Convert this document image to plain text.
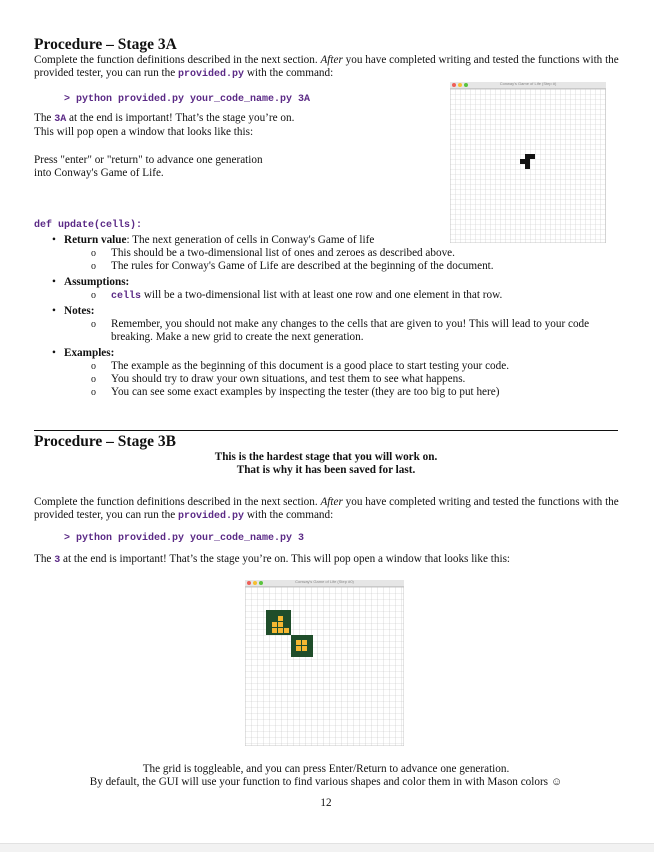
Procedure – Stage 3A
Complete the function definitions described in the next section. After you have completed writing and tested the functions with the provided tester, you can run the provided.py with the command:
> python provided.py your_code_name.py 3A
The 3A at the end is important! That’s the stage you’re on.
This will pop open a window that looks like this:
Press "enter" or "return" to advance one generation
into Conway's Game of Life.
Conway's Game of Life (Step #)
def update(cells):
• Return value: The next generation of cells in Conway's Game of life
o This should be a two-dimensional list of ones and zeroes as described above.
o The rules for Conway's Game of Life are described at the beginning of the document.
• Assumptions:
o cells will be a two-dimensional list with at least one row and one element in that row.
• Notes:
o Remember, you should not make any changes to the cells that are given to you! This will lead to your code breaking. Make a new grid to create the next generation.
• Examples:
o The example as the beginning of this document is a good place to start testing your code.
o You should try to draw your own situations, and test them to see what happens.
o You can see some exact examples by inspecting the tester (they are too big to put here)
Procedure – Stage 3B
This is the hardest stage that you will work on.
That is why it has been saved for last.
Complete the function definitions described in the next section. After you have completed writing and tested the functions with the provided tester, you can run the provided.py with the command:
> python provided.py your_code_name.py 3
The 3 at the end is important! That’s the stage you’re on. This will pop open a window that looks like this:
Conway's Game of Life (Step #0)
The grid is toggleable, and you can press Enter/Return to advance one generation.
By default, the GUI will use your function to find various shapes and color them in with Mason colors ☺
12
